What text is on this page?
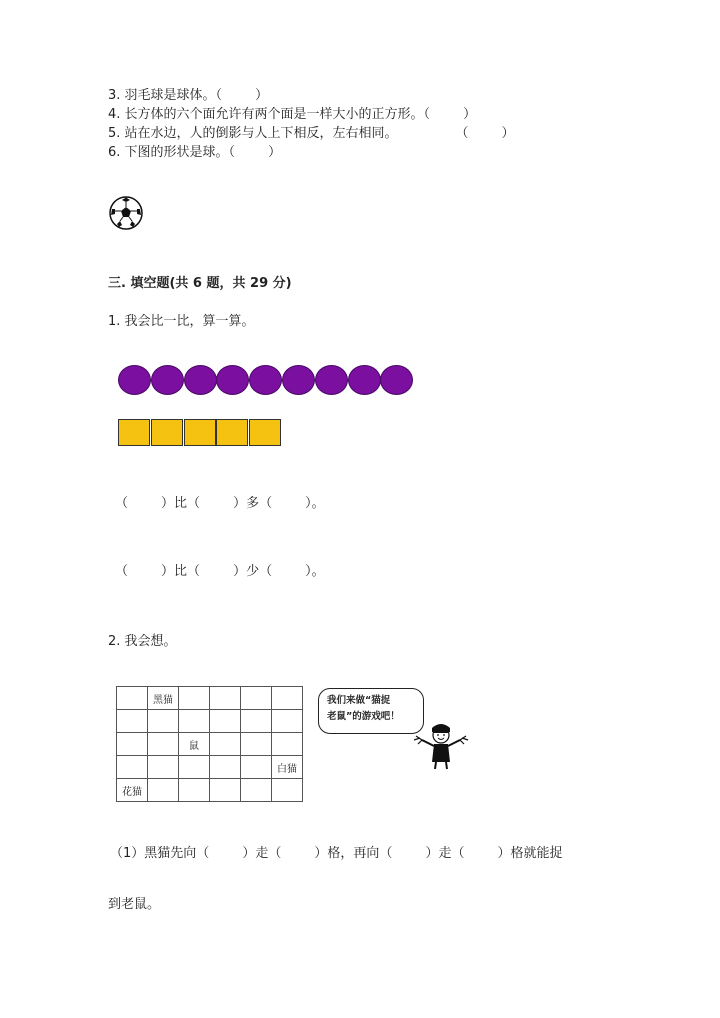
3. 羽毛球是球体。（        ）
4. 长方体的六个面允许有两个面是一样大小的正方形。（        ）
5. 站在水边，人的倒影与人上下相反，左右相同。              （        ）
6. 下图的形状是球。（        ）
三. 填空题(共 6 题，共 29 分)
1. 我会比一比，算一算。
（        ）比（        ）多（        ）。
（        ）比（        ）少（        ）。
2. 我会想。
	黑猫				

		鼠			
					白猫
花猫					
我们来做“猫捉
老鼠”的游戏吧！
（1）黑猫先向（        ）走（        ）格，再向（        ）走（        ）格就能捉
到老鼠。
